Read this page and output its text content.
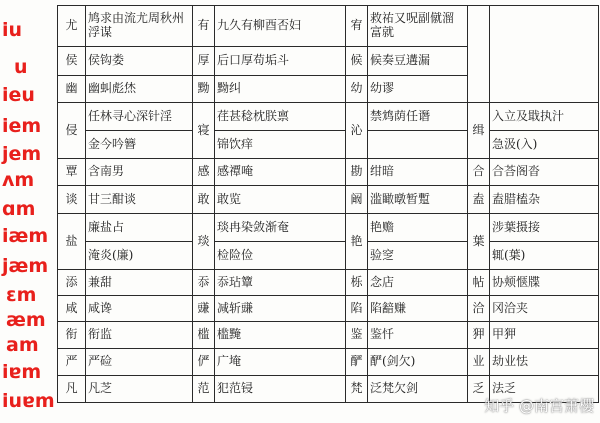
iu
u
ieu
iem
jem
ʌm
ɑm
iæm
jæm
ɛm
æm
am
iɐm
iuɐm
尤	鸠求由流尤周秋州浮谋	有	九久有柳酉否妇	宥	救祐又呪副僦溜富就		
侯	侯钩娄	厚	后口厚苟垢斗	候	候奏豆遘漏		
幽	幽虯彪烋	黝	黝纠	幼	幼谬		
侵	任林寻心深针淫	寝	荏甚稔枕朕禀	沁	禁鸩荫任谮	缉	入立及戢执汁
	金今吟簪		锦饮痒				急汲(入)
覃	含南男	感	感禫唵	勘	绀暗	合	合荅阁沓
谈	甘三酣谈	敢	敢览	阚	滥瞰暾暂蹔	盍	盍腊榼杂
盐	廉盐占	琰	琰冉染敛渐奄	艳	艳赡	葉	涉葉摄接
	淹炎(廉)		检险俭		验窆		辄(葉)
添	兼甜	忝	忝玷簟	栎	念店	帖	协颊惬牒
咸	咸谗	豏	减斩豏	陷	陷韽赚	洽	冈洽夹
衔	衔监	槛	槛黤	鉴	鉴忏	狎	甲狎
严	严硷	俨	广埯	酽	酽(剑欠)	业	劫业怯
凡	凡芝	范	犯范锓	梵	泛梵欠剑	乏	法乏
知乎 @南宫萧樱
